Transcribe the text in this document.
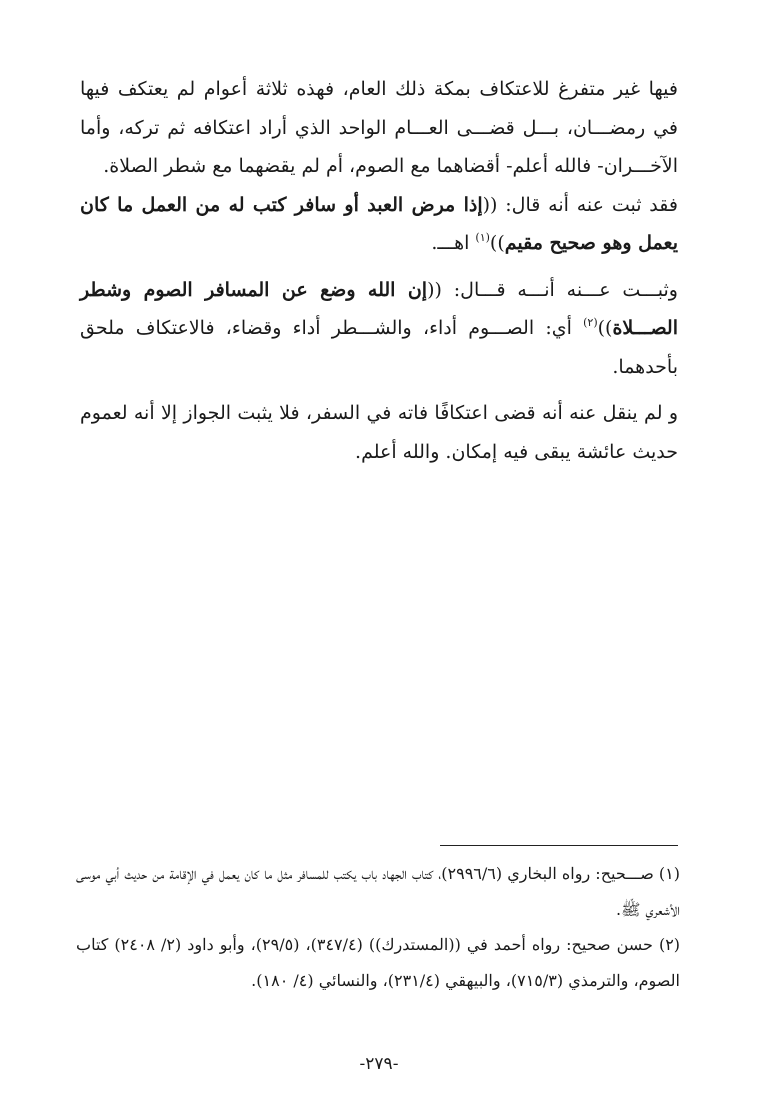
فيها غير متفرغ للاعتكاف بمكة ذلك العام، فهذه ثلاثة أعوام لم يعتكف فيها في رمضـــان، بـــل قضـــى العـــام الواحد الذي أراد اعتكافه ثم تركه، وأما الآخـــران- فالله أعلم- أقضاهما مع الصوم، أم لم يقضهما مع شطر الصلاة.

فقد ثبت عنه أنه قال: ((إذا مرض العبد أو سافر كتب له من العمل ما كان يعمل وهو صحيح مقيم))$^{(١)}$ اهـــ.

وثبـــت عـــنه أنـــه قـــال: ((إن الله وضع عن المسافر الصوم وشطر الصـــلاة))$^{(٢)}$ أي: الصـــوم أداء، والشـــطر أداء وقضاء، فالاعتكاف ملحق بأحدهما.

و لم ينقل عنه أنه قضى اعتكافًا فاته في السفر، فلا يثبت الجواز إلا أنه لعموم حديث عائشة يبقى فيه إمكان. والله أعلم.

(١) صـــحيح: رواه البخاري (٢٩٩٦/٦)، كتاب الجهاد باب يكتب للمسافر مثل ما كان يعمل في الإقامة من حديث أبي موسى الأشعري ﷺ.

(٢) حسن صحيح: رواه أحمد في ((المستدرك)) (٣٤٧/٤)، (٢٩/٥)، وأبو داود (٢/ ٢٤٠٨) كتاب الصوم، والترمذي (٧١٥/٣)، والبيهقي (٢٣١/٤)، والنسائي (٤/ ١٨٠).

-٢٧٩-
